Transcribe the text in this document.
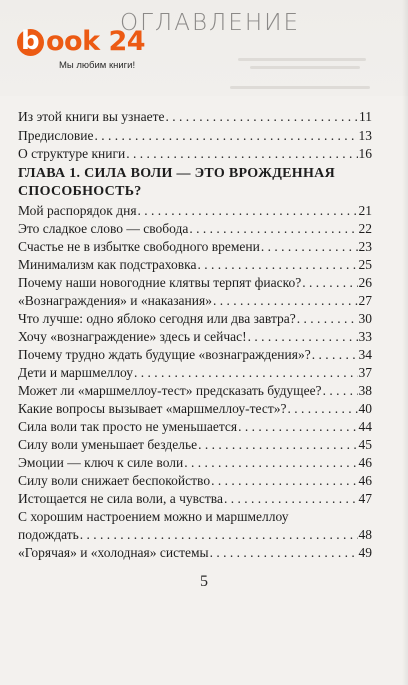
ОГЛАВЛЕНИЕ
b ook 24
Мы любим книги!
Из этой книги вы узнаете . . .	11
Предисловие . . .	13
О структуре книги . . .	16
ГЛАВА 1. СИЛА ВОЛИ — ЭТО ВРОЖДЕННАЯ
СПОСОБНОСТЬ?
Мой распорядок дня . . .	21
Это сладкое слово — свобода . . .	22
Счастье не в избытке свободного времени . . .	23
Минимализм как подстраховка . . .	25
Почему наши новогодние клятвы терпят фиаско? . . .	26
«Вознаграждения» и «наказания» . . .	27
Что лучше: одно яблоко сегодня или два завтра? . . .	30
Хочу «вознаграждение» здесь и сейчас! . . .	33
Почему трудно ждать будущие «вознаграждения»? . . .	34
Дети и маршмеллоу . . .	37
Может ли «маршмеллоу-тест» предсказать будущее? . . .	38
Какие вопросы вызывает «маршмеллоу-тест»? . . .	40
Сила воли так просто не уменьшается . . .	44
Силу воли уменьшает безделье . . .	45
Эмоции — ключ к силе воли . . .	46
Силу воли снижает беспокойство . . .	46
Истощается не сила воли, а чувства . . .	47
С хорошим настроением можно и маршмеллоу
подождать . . .	48
«Горячая» и «холодная» системы . . .	49
5
